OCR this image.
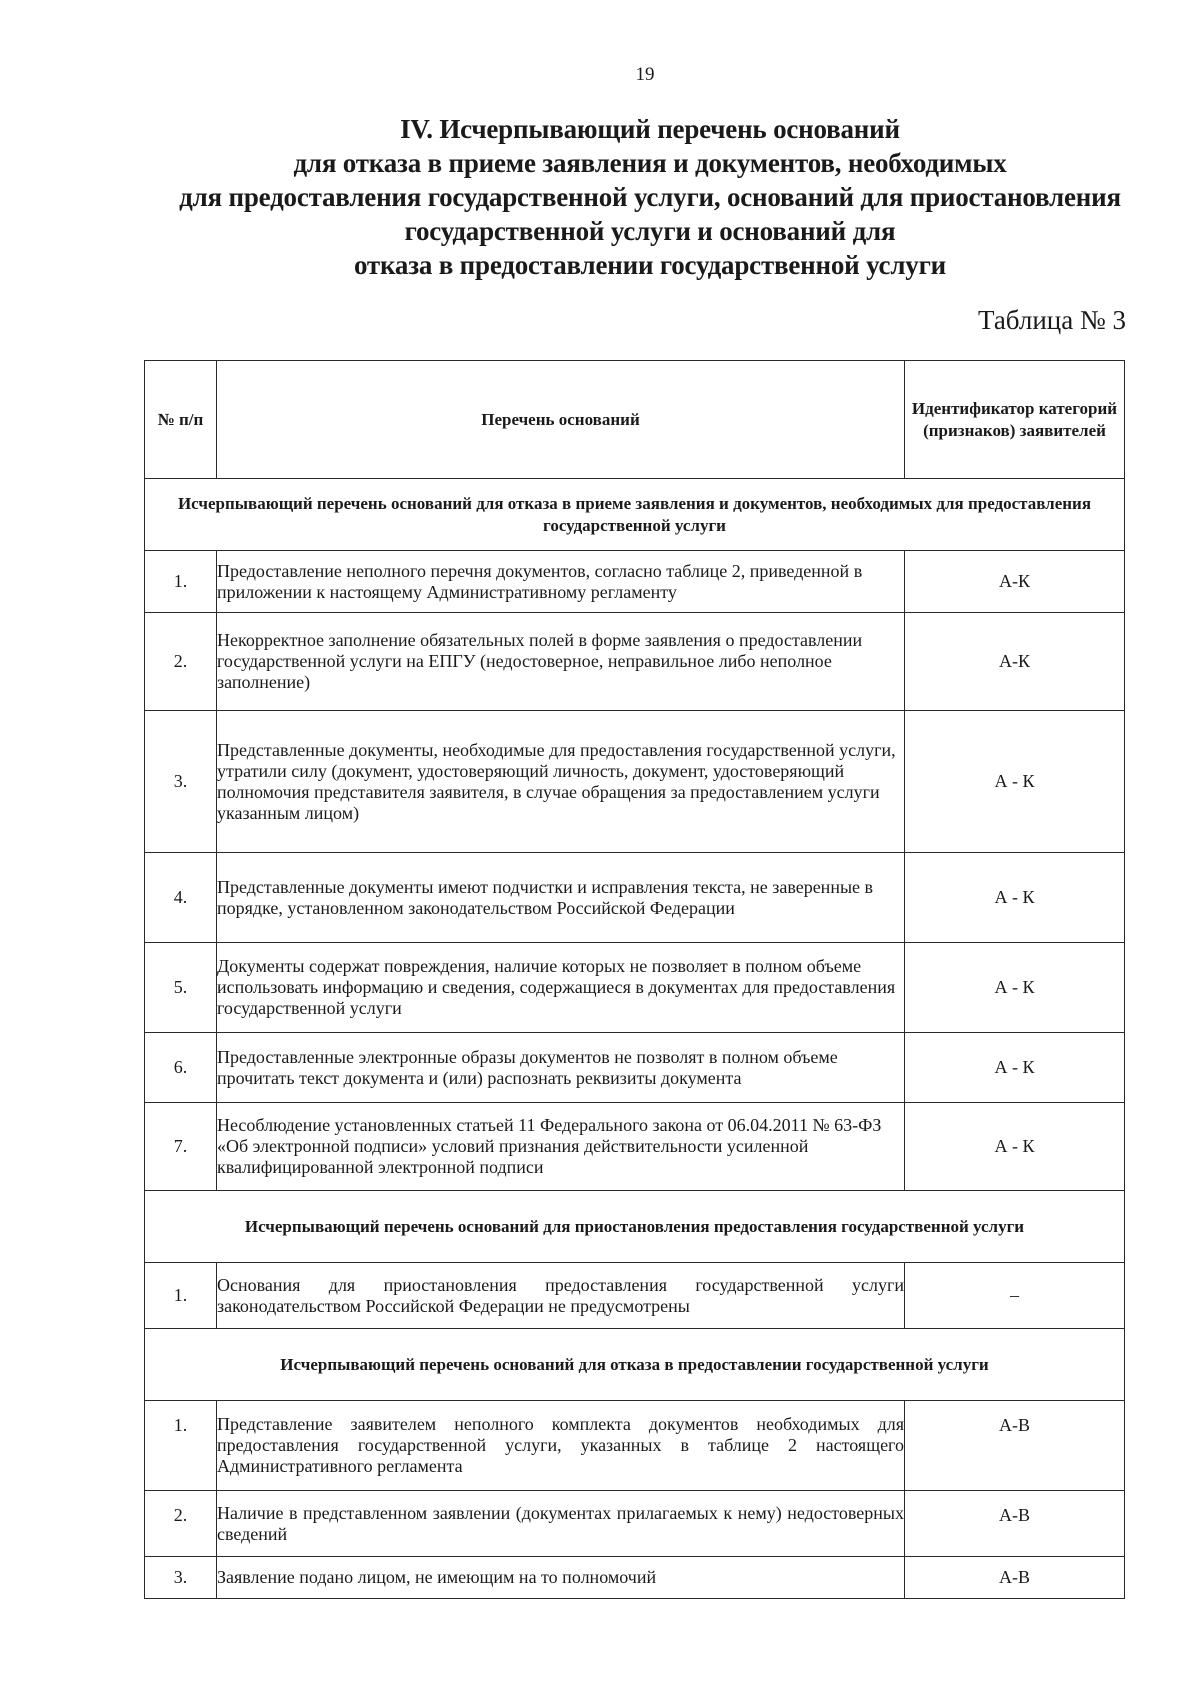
19
IV. Исчерпывающий перечень оснований
для отказа в приеме заявления и документов, необходимых
для предоставления государственной услуги, оснований для приостановления
государственной услуги и оснований для
отказа в предоставлении государственной услуги
Таблица № 3
№ п/п	Перечень оснований	Идентификатор категорий (признаков) заявителей
Исчерпывающий перечень оснований для отказа в приеме заявления и документов, необходимых для предоставления государственной услуги		
1.	Предоставление неполного перечня документов, согласно таблице 2, приведенной в приложении к настоящему Административному регламенту	А-К
2.	Некорректное заполнение обязательных полей в форме заявления о предоставлении государственной услуги на ЕПГУ (недостоверное, неправильное либо неполное заполнение)	А-К
3.	Представленные документы, необходимые для предоставления государственной услуги, утратили силу (документ, удостоверяющий личность, документ, удостоверяющий полномочия представителя заявителя, в случае обращения за предоставлением услуги указанным лицом)	А - К
4.	Представленные документы имеют подчистки и исправления текста, не заверенные в порядке, установленном законодательством Российской Федерации	А - К
5.	Документы содержат повреждения, наличие которых не позволяет в полном объеме использовать информацию и сведения, содержащиеся в документах для предоставления государственной услуги	А - К
6.	Предоставленные электронные образы документов не позволят в полном объеме прочитать текст документа и (или) распознать реквизиты документа	А - К
7.	Несоблюдение установленных статьей 11 Федерального закона от 06.04.2011 № 63-ФЗ «Об электронной подписи» условий признания действительности усиленной квалифицированной электронной подписи	А - К
Исчерпывающий перечень оснований для приостановления предоставления государственной услуги		
1.	Основания для приостановления предоставления государственной услуги законодательством Российской Федерации не предусмотрены	–
Исчерпывающий перечень оснований для отказа в предоставлении государственной услуги		
1.	Представление заявителем неполного комплекта документов необходимых для предоставления государственной услуги, указанных в таблице 2 настоящего Административного регламента	А-В
2.	Наличие в представленном заявлении (документах прилагаемых к нему) недостоверных сведений	А-В
3.	Заявление подано лицом, не имеющим на то полномочий	А-В
